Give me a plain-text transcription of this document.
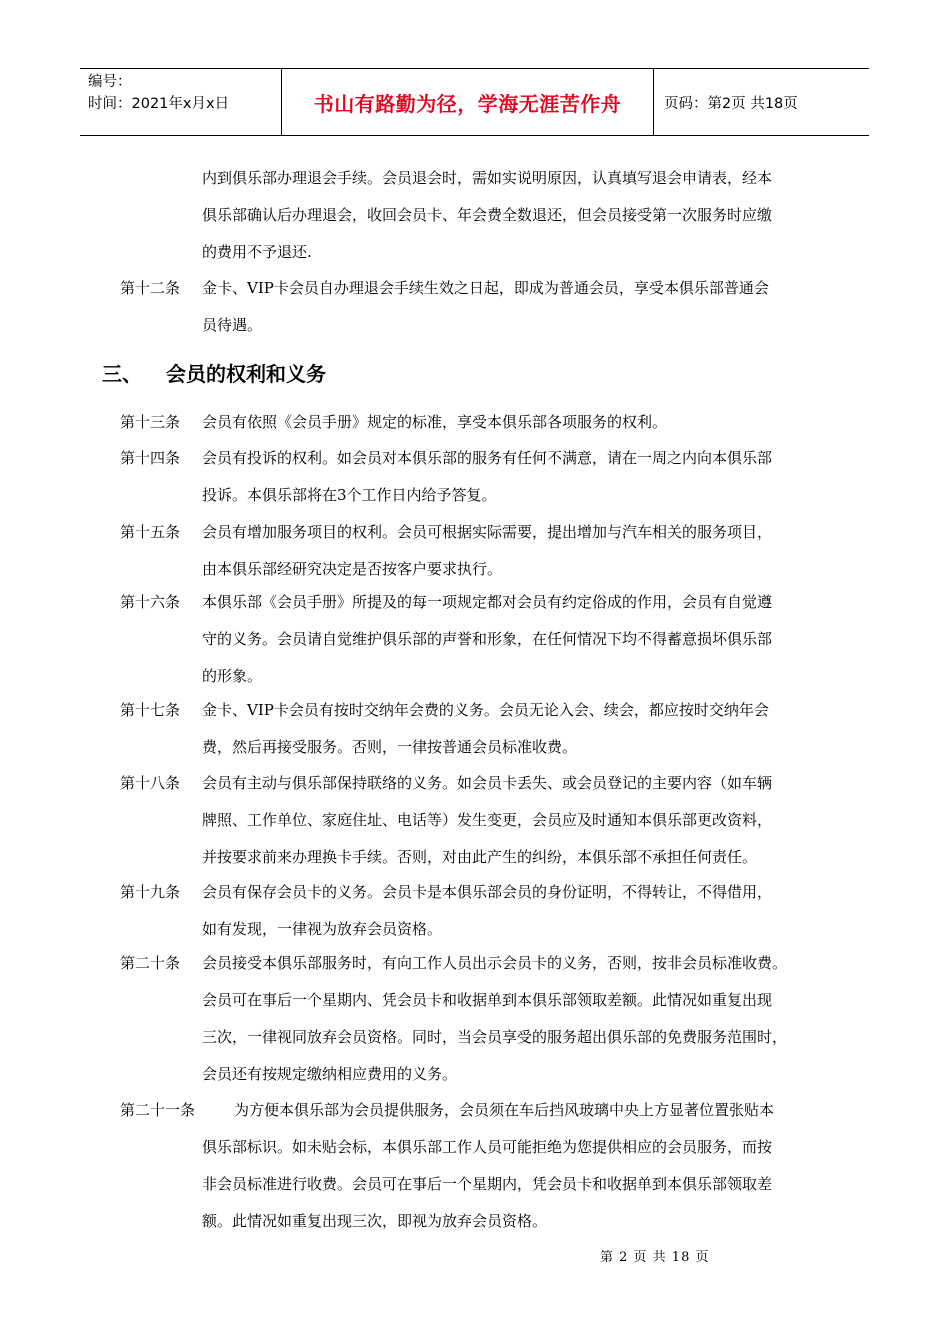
编号：
时间：2021年x月x日	书山有路勤为径，学海无涯苦作舟	页码：第2页 共18页
内到俱乐部办理退会手续。会员退会时，需如实说明原因，认真填写退会申请表，经本
俱乐部确认后办理退会，收回会员卡、年会费全数退还，但会员接受第一次服务时应缴
的费用不予退还.
第十二条 金卡、VIP卡会员自办理退会手续生效之日起，即成为普通会员，享受本俱乐部普通会
员待遇。
三、 会员的权利和义务
第十三条 会员有依照《会员手册》规定的标准，享受本俱乐部各项服务的权利。
第十四条 会员有投诉的权利。如会员对本俱乐部的服务有任何不满意，请在一周之内向本俱乐部
投诉。本俱乐部将在3个工作日内给予答复。
第十五条 会员有增加服务项目的权利。会员可根据实际需要，提出增加与汽车相关的服务项目，
由本俱乐部经研究决定是否按客户要求执行。
第十六条 本俱乐部《会员手册》所提及的每一项规定都对会员有约定俗成的作用，会员有自觉遵
守的义务。会员请自觉维护俱乐部的声誉和形象，在任何情况下均不得蓄意损坏俱乐部
的形象。
第十七条 金卡、VIP卡会员有按时交纳年会费的义务。会员无论入会、续会，都应按时交纳年会
费，然后再接受服务。否则，一律按普通会员标准收费。
第十八条 会员有主动与俱乐部保持联络的义务。如会员卡丢失、或会员登记的主要内容（如车辆
牌照、工作单位、家庭住址、电话等）发生变更，会员应及时通知本俱乐部更改资料，
并按要求前来办理换卡手续。否则，对由此产生的纠纷，本俱乐部不承担任何责任。
第十九条 会员有保存会员卡的义务。会员卡是本俱乐部会员的身份证明，不得转让，不得借用，
如有发现，一律视为放弃会员资格。
第二十条 会员接受本俱乐部服务时，有向工作人员出示会员卡的义务，否则，按非会员标准收费。
会员可在事后一个星期内、凭会员卡和收据单到本俱乐部领取差额。此情况如重复出现
三次，一律视同放弃会员资格。同时，当会员享受的服务超出俱乐部的免费服务范围时，
会员还有按规定缴纳相应费用的义务。
第二十一条	为方便本俱乐部为会员提供服务，会员须在车后挡风玻璃中央上方显著位置张贴本
俱乐部标识。如未贴会标，本俱乐部工作人员可能拒绝为您提供相应的会员服务，而按
非会员标准进行收费。会员可在事后一个星期内，凭会员卡和收据单到本俱乐部领取差
额。此情况如重复出现三次，即视为放弃会员资格。
第 2 页 共 18 页
